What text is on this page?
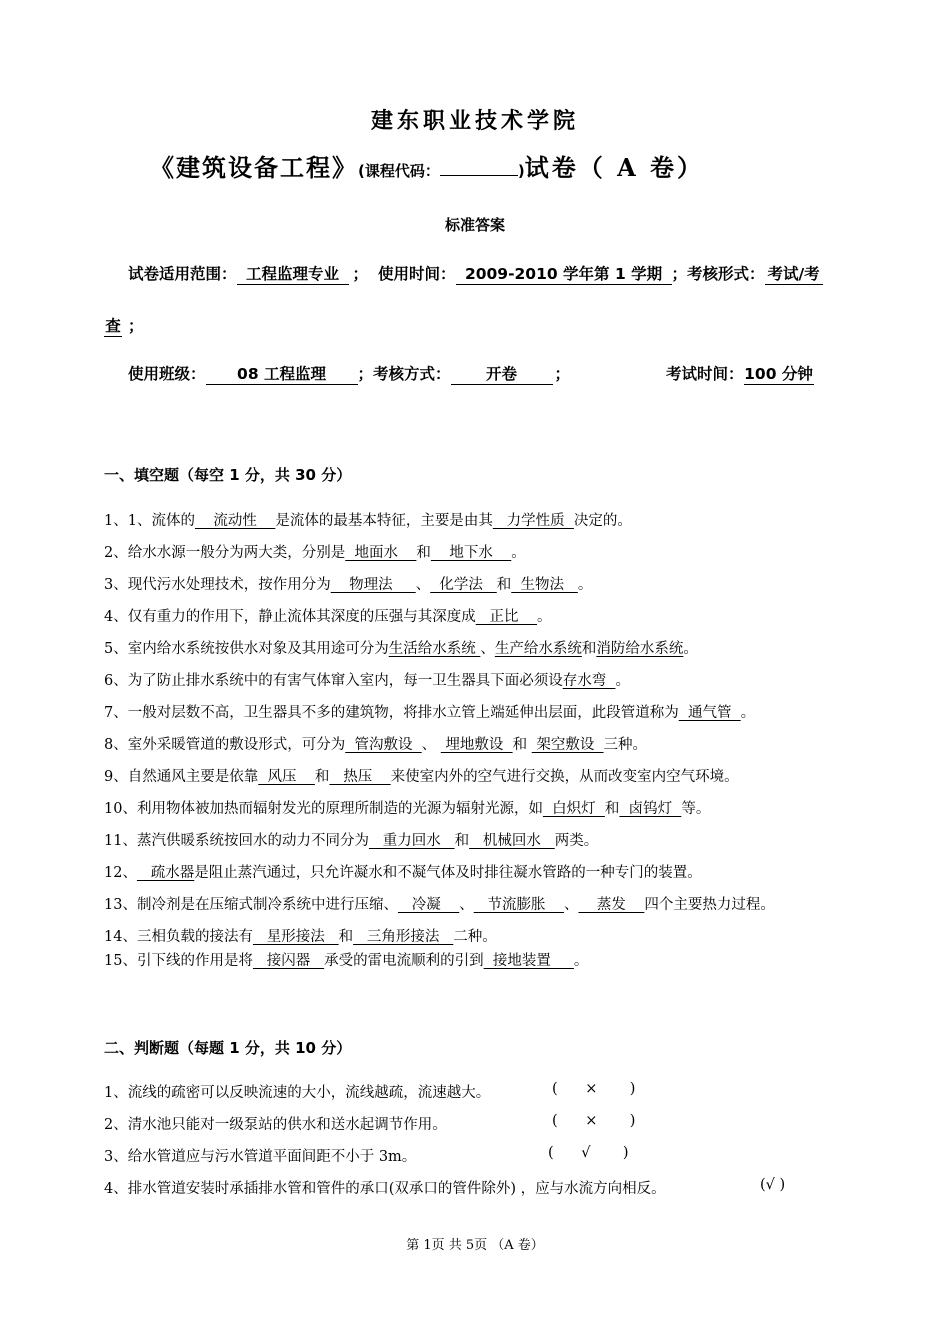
建东职业技术学院
《建筑设备工程》(课程代码：	)试卷（ A 卷）
标准答案
试卷适用范围： 工程监理专业 ； 使用时间： 2009-2010 学年第 1 学期 ；考核形式： 考试/考
查 ；
使用班级： 08 工程监理 ；考核方式： 开卷 ；	考试时间：100 分钟
一、填空题（每空 1 分，共 30 分）
1、1、流体的    流动性    是流体的最基本特征，主要是由其   力学性质  决定的。
2、给水水源一般分为两大类，分别是  地面水    和    地下水    。
3、现代污水处理技术，按作用分为    物理法     、  化学法   和  生物法   。
4、仅有重力的作用下，静止流体其深度的压强与其深度成   正比    。
5、室内给水系统按供水对象及其用途可分为生活给水系统 、生产给水系统和消防给水系统。
6、为了防止排水系统中的有害气体窜入室内，每一卫生器具下面必须设存水弯  。
7、一般对层数不高，卫生器具不多的建筑物，将排水立管上端延伸出层面，此段管道称为  通气管  。
8、室外采暖管道的敷设形式，可分为  管沟敷设  、  埋地敷设  和  架空敷设  三种。
9、自然通风主要是依靠  风压    和   热压    来使室内外的空气进行交换，从而改变室内空气环境。
10、利用物体被加热而辐射发光的原理所制造的光源为辐射光源，如  白炽灯  和  卤钨灯  等。
11、蒸汽供暖系统按回水的动力不同分为   重力回水   和   机械回水   两类。
12、   疏水器是阻止蒸汽通过，只允许凝水和不凝气体及时排往凝水管路的一种专门的装置。
13、制冷剂是在压缩式制冷系统中进行压缩、   冷凝    、   节流膨胀    、    蒸发    四个主要热力过程。
14、三相负载的接法有   星形接法   和   三角形接法   二种。
15、引下线的作用是将   接闪器   承受的雷电流顺利的引到  接地装置     。
二、判断题（每题 1 分，共 10 分）
1、流线的疏密可以反映流速的大小，流线越疏，流速越大。	(      ×       )
2、清水池只能对一级泵站的供水和送水起调节作用。	(      ×       )
3、给水管道应与污水管道平面间距不小于 3m。	(      √       )
4、排水管道安装时承插排水管和管件的承口(双承口的管件除外) ，应与水流方向相反。	(√ )
第 1页 共 5页 （A 卷）
